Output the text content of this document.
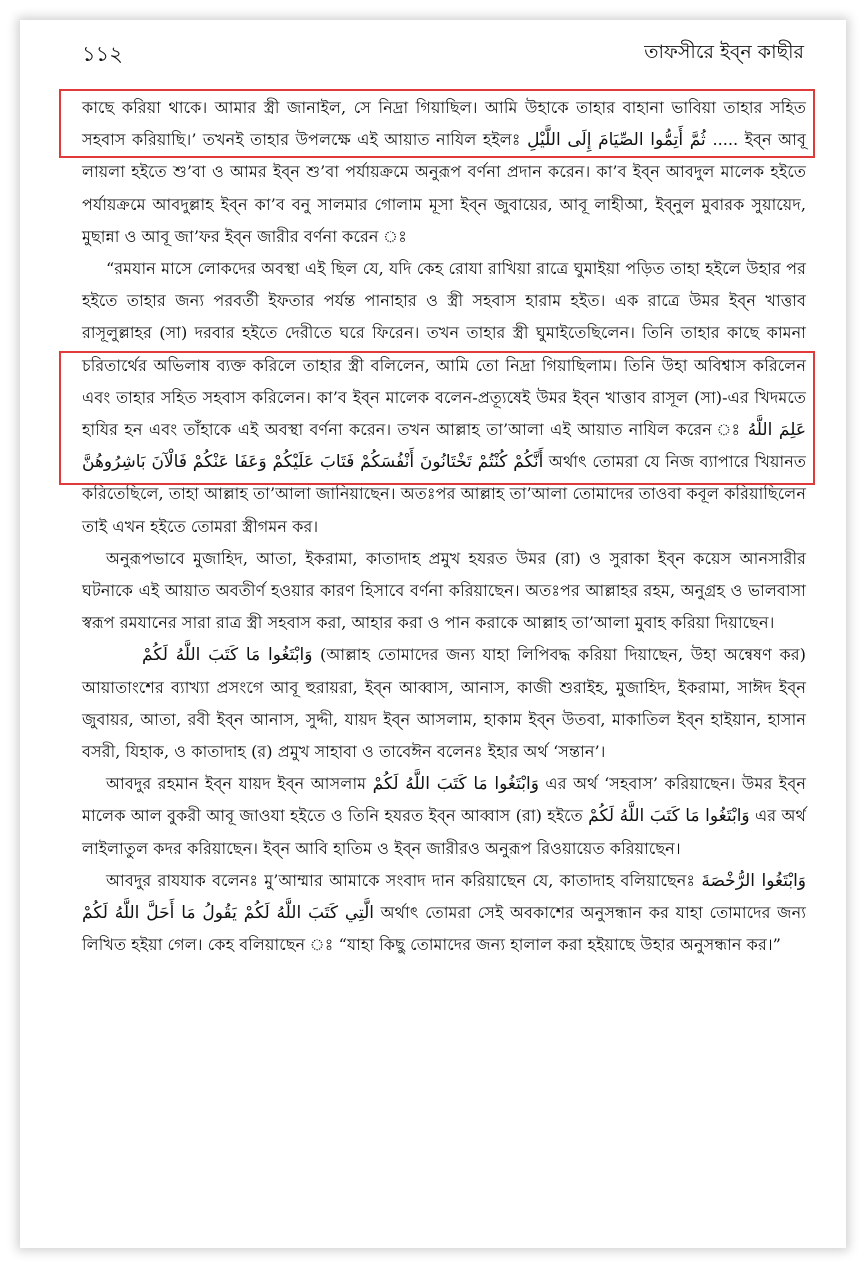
১১২	তাফসীরে ইব্ন কাছীর

কাছে করিয়া থাকে। আমার স্ত্রী জানাইল, সে নিদ্রা গিয়াছিল। আমি উহাকে তাহার বাহানা ভাবিয়া তাহার সহিত সহবাস করিয়াছি।’ তখনই তাহার উপলক্ষে এই আয়াত নাযিল হইলঃ ثُمَّ أَتِمُّوا الصِّيَامَ إِلَى اللَّيْلِ ..... ইব্ন আবূ লায়লা হইতে শু’বা ও আমর ইব্ন শু’বা পর্যায়ক্রমে অনুরূপ বর্ণনা প্রদান করেন। কা’ব ইব্ন আবদুল মালেক হইতে পর্যায়ক্রমে আবদুল্লাহ ইব্ন কা’ব বনু সালমার গোলাম মূসা ইব্ন জুবায়ের, আবূ লাহীআ, ইব্নুল মুবারক সুয়ায়েদ, মুছান্না ও আবূ জা’ফর ইব্ন জারীর বর্ণনা করেন ঃ

“রমযান মাসে লোকদের অবস্থা এই ছিল যে, যদি কেহ রোযা রাখিয়া রাত্রে ঘুমাইয়া পড়িত তাহা হইলে উহার পর হইতে তাহার জন্য পরবর্তী ইফতার পর্যন্ত পানাহার ও স্ত্রী সহবাস হারাম হইত। এক রাত্রে উমর ইব্ন খাত্তাব রাসূলুল্লাহর (সা) দরবার হইতে দেরীতে ঘরে ফিরেন। তখন তাহার স্ত্রী ঘুমাইতেছিলেন। তিনি তাহার কাছে কামনা চরিতার্থের অভিলাষ ব্যক্ত করিলে তাহার স্ত্রী বলিলেন, আমি তো নিদ্রা গিয়াছিলাম। তিনি উহা অবিশ্বাস করিলেন এবং তাহার সহিত সহবাস করিলেন। কা’ব ইব্ন মালেক বলেন-প্রত্যূষেই উমর ইব্ন খাত্তাব রাসূল (সা)-এর খিদমতে হাযির হন এবং তাঁহাকে এই অবস্থা বর্ণনা করেন। তখন আল্লাহ তা’আলা এই আয়াত নাযিল করেন ঃ عَلِمَ اللَّهُ أَنَّكُمْ كُنْتُمْ تَخْتَانُونَ أَنْفُسَكُمْ فَتَابَ عَلَيْكُمْ وَعَفَا عَنْكُمْ فَالْآنَ بَاشِرُوهُنَّ অর্থাৎ তোমরা যে নিজ ব্যাপারে খিয়ানত করিতেছিলে, তাহা আল্লাহ তা’আলা জানিয়াছেন। অতঃপর আল্লাহ তা’আলা তোমাদের তাওবা কবূল করিয়াছিলেন তাই এখন হইতে তোমরা স্ত্রীগমন কর।

অনুরূপভাবে মুজাহিদ, আতা, ইকরামা, কাতাদাহ প্রমুখ হযরত উমর (রা) ও সুরাকা ইব্ন কয়েস আনসারীর ঘটনাকে এই আয়াত অবতীর্ণ হওয়ার কারণ হিসাবে বর্ণনা করিয়াছেন। অতঃপর আল্লাহর রহম, অনুগ্রহ ও ভালবাসা স্বরূপ রমযানের সারা রাত্র স্ত্রী সহবাস করা, আহার করা ও পান করাকে আল্লাহ তা’আলা মুবাহ করিয়া দিয়াছেন।

وَابْتَغُوا مَا كَتَبَ اللَّهُ لَكُمْ (আল্লাহ তোমাদের জন্য যাহা লিপিবদ্ধ করিয়া দিয়াছেন, উহা অন্বেষণ কর) আয়াতাংশের ব্যাখ্যা প্রসংগে আবূ হুরায়রা, ইব্ন আব্বাস, আনাস, কাজী শুরাইহ, মুজাহিদ, ইকরামা, সাঈদ ইব্ন জুবায়র, আতা, রবী ইব্ন আনাস, সুদ্দী, যায়দ ইব্ন আসলাম, হাকাম ইব্ন উতবা, মাকাতিল ইব্ন হাইয়ান, হাসান বসরী, যিহাক, ও কাতাদাহ (র) প্রমুখ সাহাবা ও তাবেঈন বলেনঃ ইহার অর্থ ‘সন্তান’।

আবদুর রহমান ইব্ন যায়দ ইব্ন আসলাম وَابْتَغُوا مَا كَتَبَ اللَّهُ لَكُمْ এর অর্থ ‘সহবাস’ করিয়াছেন। উমর ইব্ন মালেক আল বুকরী আবূ জাওযা হইতে ও তিনি হযরত ইব্ন আব্বাস (রা) হইতে وَابْتَغُوا مَا كَتَبَ اللَّهُ لَكُمْ এর অর্থ লাইলাতুল কদর করিয়াছেন। ইব্ন আবি হাতিম ও ইব্ন জারীরও অনুরূপ রিওয়ায়েত করিয়াছেন।

আবদুর রাযযাক বলেনঃ মু’আম্মার আমাকে সংবাদ দান করিয়াছেন যে, কাতাদাহ বলিয়াছেনঃ وَابْتَغُوا الرُّخْصَةَ الَّتِي كَتَبَ اللَّهُ لَكُمْ يَقُولُ مَا أَحَلَّ اللَّهُ لَكُمْ অর্থাৎ তোমরা সেই অবকাশের অনুসন্ধান কর যাহা তোমাদের জন্য লিখিত হইয়া গেল। কেহ বলিয়াছেন ঃ “যাহা কিছু তোমাদের জন্য হালাল করা হইয়াছে উহার অনুসন্ধান কর।”
